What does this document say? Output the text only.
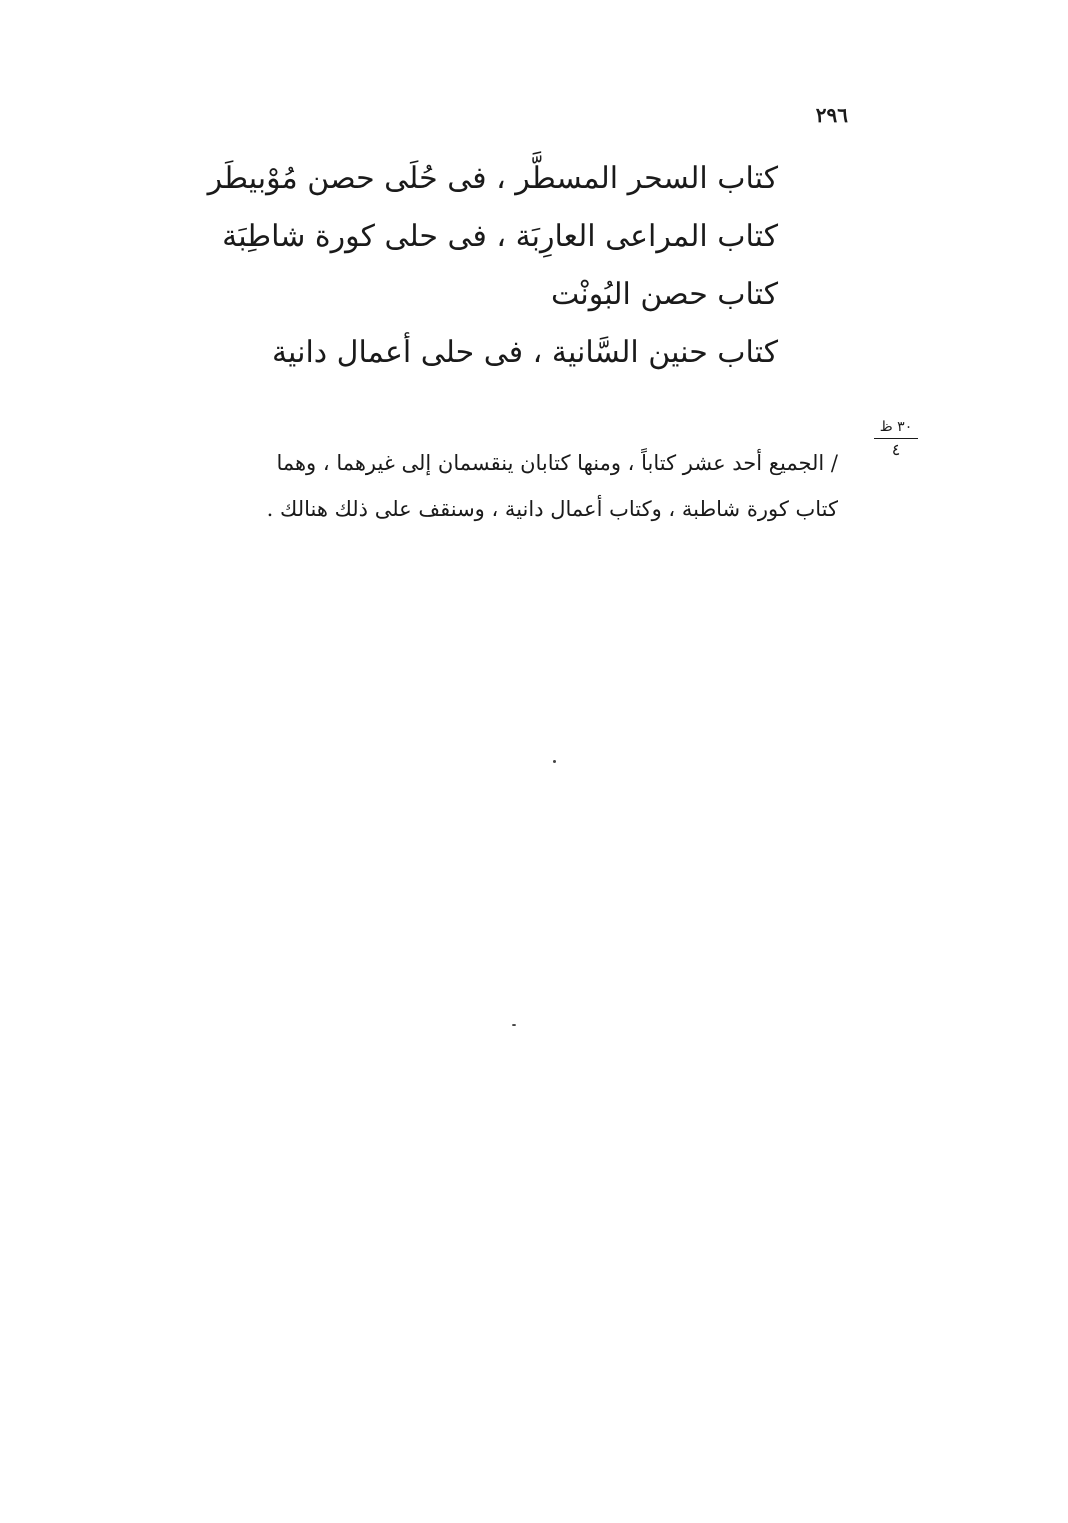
٢٩٦
كتاب السحر المسطَّر ، فى حُلَى حصن مُوْبيطَر
كتاب المراعى العارِبَة ، فى حلى كورة شاطِبَة
كتاب حصن البُونْت
كتاب حنين السَّانية ، فى حلى أعمال دانية
٣٠ ظ
٤
/ الجميع أحد عشر كتاباً ، ومنها كتابان ينقسمان إلى غيرهما ، وهما
كتاب كورة شاطبة ، وكتاب أعمال دانية ، وسنقف على ذلك هنالك .
